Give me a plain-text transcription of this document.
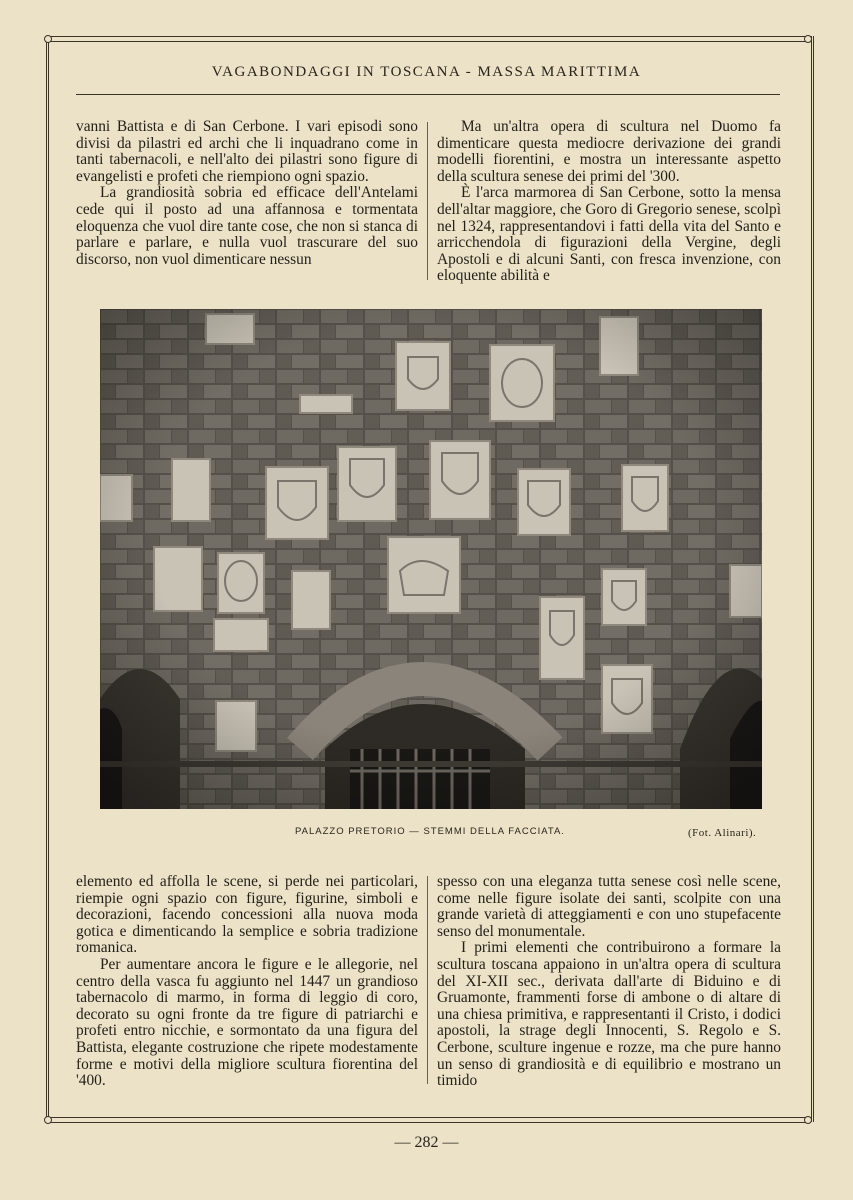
VAGABONDAGGI IN TOSCANA - MASSA MARITTIMA

vanni Battista e di San Cerbone. I vari episodi sono divisi da pilastri ed archi che li inquadrano come in tanti tabernacoli, e nell'alto dei pilastri sono figure di evangelisti e profeti che riempiono ogni spazio.

La grandiosità sobria ed efficace dell'Antelami cede qui il posto ad una affannosa e tormentata eloquenza che vuol dire tante cose, che non si stanca di parlare e parlare, e nulla vuol trascurare del suo discorso, non vuol dimenticare nessun

Ma un'altra opera di scultura nel Duomo fa dimenticare questa mediocre derivazione dei grandi modelli fiorentini, e mostra un interessante aspetto della scultura senese dei primi del '300.

È l'arca marmorea di San Cerbone, sotto la mensa dell'altar maggiore, che Goro di Gregorio senese, scolpì nel 1324, rappresentandovi i fatti della vita del Santo e arricchendola di figurazioni della Vergine, degli Apostoli e di alcuni Santi, con fresca invenzione, con eloquente abilità e

PALAZZO PRETORIO — STEMMI DELLA FACCIATA.	(Fot. Alinari).

elemento ed affolla le scene, si perde nei particolari, riempie ogni spazio con figure, figurine, simboli e decorazioni, facendo concessioni alla nuova moda gotica e dimenticando la semplice e sobria tradizione romanica.

Per aumentare ancora le figure e le allegorie, nel centro della vasca fu aggiunto nel 1447 un grandioso tabernacolo di marmo, in forma di leggio di coro, decorato su ogni fronte da tre figure di patriarchi e profeti entro nicchie, e sormontato da una figura del Battista, elegante costruzione che ripete modestamente forme e motivi della migliore scultura fiorentina del '400.

spesso con una eleganza tutta senese così nelle scene, come nelle figure isolate dei santi, scolpite con una grande varietà di atteggiamenti e con uno stupefacente senso del monumentale.

I primi elementi che contribuirono a formare la scultura toscana appaiono in un'altra opera di scultura del XI-XII sec., derivata dall'arte di Biduino e di Gruamonte, frammenti forse di ambone o di altare di una chiesa primitiva, e rappresentanti il Cristo, i dodici apostoli, la strage degli Innocenti, S. Regolo e S. Cerbone, sculture ingenue e rozze, ma che pure hanno un senso di grandiosità e di equilibrio e mostrano un timido

— 282 —
